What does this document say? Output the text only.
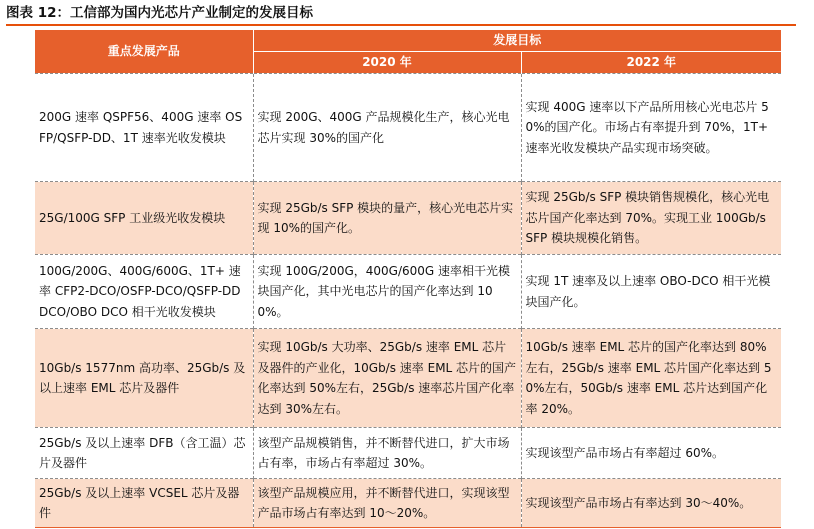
图表 12：工信部为国内光芯片产业制定的发展目标
重点发展产品	发展目标	
	2020 年	2022 年
200G 速率 QSPF56、400G 速率 OSFP/QSFP-DD、1T 速率光收发模块	实现 200G、400G 产品规模化生产，核心光电芯片实现 30%的国产化	实现 400G 速率以下产品所用核心光电芯片 50%的国产化。市场占有率提升到 70%，1T+ 速率光收发模块产品实现市场突破。
25G/100G SFP 工业级光收发模块	实现 25Gb/s SFP 模块的量产，核心光电芯片实现 10%的国产化。	实现 25Gb/s SFP 模块销售规模化，核心光电芯片国产化率达到 70%。实现工业 100Gb/s SFP 模块规模化销售。
100G/200G、400G/600G、1T+ 速率 CFP2-DCO/OSFP-DCO/QSFP-DD DCO/OBO DCO 相干光收发模块	实现 100G/200G，400G/600G 速率相干光模块国产化，其中光电芯片的国产化率达到 100%。	实现 1T 速率及以上速率 OBO-DCO 相干光模块国产化。
10Gb/s 1577nm 高功率、25Gb/s 及以上速率 EML 芯片及器件	实现 10Gb/s 大功率、25Gb/s 速率 EML 芯片及器件的产业化，10Gb/s 速率 EML 芯片的国产化率达到 50%左右，25Gb/s 速率芯片国产化率达到 30%左右。	10Gb/s 速率 EML 芯片的国产化率达到 80%左右，25Gb/s 速率 EML 芯片国产化率达到 50%左右，50Gb/s 速率 EML 芯片达到国产化率 20%。
25Gb/s 及以上速率 DFB（含工温）芯片及器件	该型产品规模销售，并不断替代进口，扩大市场占有率，市场占有率超过 30%。	实现该型产品市场占有率超过 60%。
25Gb/s 及以上速率 VCSEL 芯片及器件	该型产品规模应用，并不断替代进口，实现该型产品市场占有率达到 10～20%。	实现该型产品市场占有率达到 30～40%。
